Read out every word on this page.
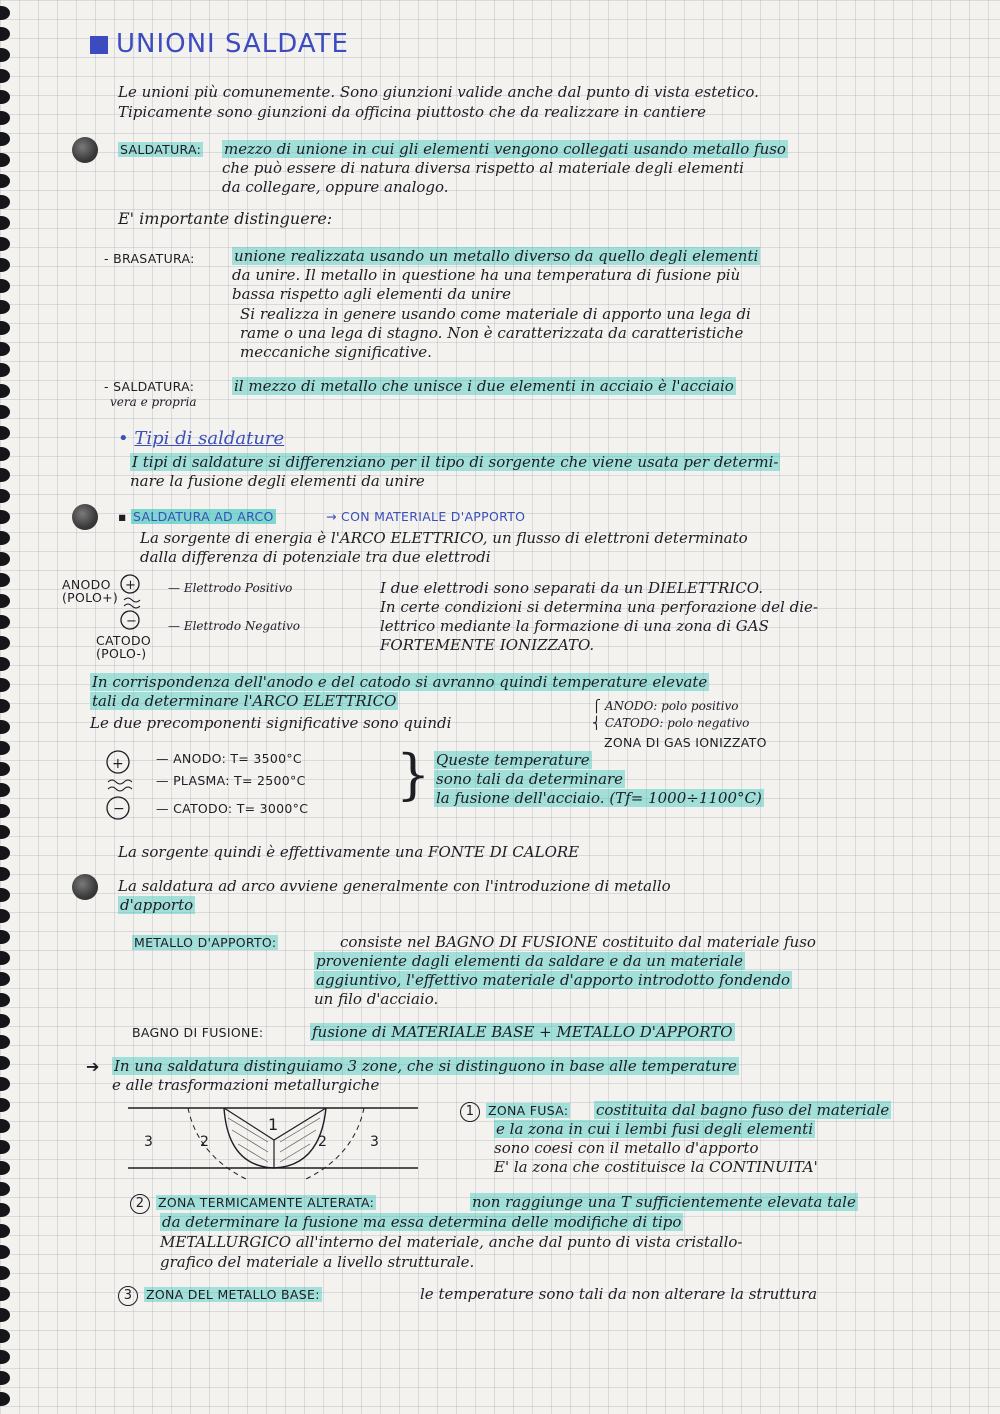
UNIONI SALDATE
Le unioni più comunemente. Sono giunzioni valide anche dal punto di vista estetico.
Tipicamente sono giunzioni da officina piuttosto che da realizzare in cantiere
SALDATURA: mezzo di unione in cui gli elementi vengono collegati usando metallo fuso
che può essere di natura diversa rispetto al materiale degli elementi
da collegare, oppure analogo.
E' importante distinguere:
- BRASATURA:	unione realizzata usando un metallo diverso da quello degli elementi
da unire. Il metallo in questione ha una temperatura di fusione più
bassa rispetto agli elementi da unire
Si realizza in genere usando come materiale di apporto una lega di
rame o una lega di stagno. Non è caratterizzata da caratteristiche
meccaniche significative.
- SALDATURA:
vera e propria
il mezzo di metallo che unisce i due elementi in acciaio è l'acciaio
• Tipi di saldature
I tipi di saldature si differenziano per il tipo di sorgente che viene usata per determi-
nare la fusione degli elementi da unire
▪ SALDATURA AD ARCO	→ CON MATERIALE D'APPORTO
La sorgente di energia è l'ARCO ELETTRICO, un flusso di elettroni determinato
dalla differenza di potenziale tra due elettrodi
ANODO (POLO+)
CATODO (POLO-)
+
−
— Elettrodo Positivo
— Elettrodo Negativo
I due elettrodi sono separati da un DIELETTRICO.
In certe condizioni si determina una perforazione del die-
lettrico mediante la formazione di una zona di GAS
FORTEMENTE IONIZZATO.
In corrispondenza dell'anodo e del catodo si avranno quindi temperature elevate
tali da determinare l'ARCO ELETTRICO
Le due precomponenti significative sono quindi
⎧ ANODO: polo positivo
⎨ CATODO: polo negativo
ZONA DI GAS IONIZZATO
+
−
— ANODO: T= 3500°C
— PLASMA: T= 2500°C
— CATODO: T= 3000°C
} Queste temperature
sono tali da determinare
la fusione dell'acciaio. (Tf= 1000÷1100°C)
La sorgente quindi è effettivamente una FONTE DI CALORE
La saldatura ad arco avviene generalmente con l'introduzione di metallo
d'apporto
METALLO D'APPORTO:	consiste nel BAGNO DI FUSIONE costituito dal materiale fuso
proveniente dagli elementi da saldare e da un materiale
aggiuntivo, l'effettivo materiale d'apporto introdotto fondendo
un filo d'acciaio.
BAGNO DI FUSIONE:	fusione di MATERIALE BASE + METALLO D'APPORTO
➔ In una saldatura distinguiamo 3 zone, che si distinguono in base alle temperature
e alle trasformazioni metallurgiche
3	2
1
2	3
1 ZONA FUSA: costituita dal bagno fuso del materiale
e la zona in cui i lembi fusi degli elementi
sono coesi con il metallo d'apporto
E' la zona che costituisce la CONTINUITA'
2 ZONA TERMICAMENTE ALTERATA:	non raggiunge una T sufficientemente elevata tale
da determinare la fusione ma essa determina delle modifiche di tipo
METALLURGICO all'interno del materiale, anche dal punto di vista cristallo-
grafico del materiale a livello strutturale.
3 ZONA DEL METALLO BASE:	le temperature sono tali da non alterare la struttura
